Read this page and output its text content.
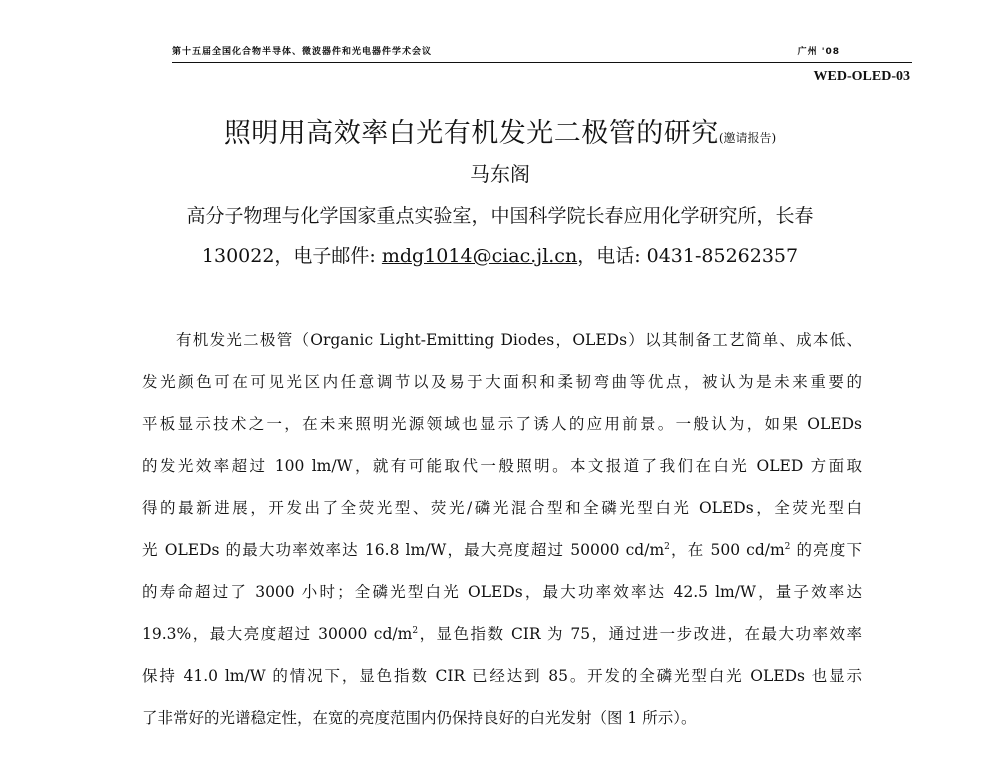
第十五届全国化合物半导体、微波器件和光电器件学术会议	广州 '08
WED-OLED-03
照明用高效率白光有机发光二极管的研究(邀请报告)
马东阁
高分子物理与化学国家重点实验室，中国科学院长春应用化学研究所，长春
130022，电子邮件: mdg1014@ciac.jl.cn，电话: 0431-85262357
有机发光二极管（Organic Light-Emitting Diodes，OLEDs）以其制备工艺简单、成本低、
发光颜色可在可见光区内任意调节以及易于大面积和柔韧弯曲等优点，被认为是未来重要的
平板显示技术之一，在未来照明光源领域也显示了诱人的应用前景。一般认为，如果 OLEDs
的发光效率超过 100 lm/W，就有可能取代一般照明。本文报道了我们在白光 OLED 方面取
得的最新进展，开发出了全荧光型、荧光/磷光混合型和全磷光型白光 OLEDs，全荧光型白
光 OLEDs 的最大功率效率达 16.8 lm/W，最大亮度超过 50000 $cd/m^2$，在 500 $cd/m^2$ 的亮度下
的寿命超过了 3000 小时；全磷光型白光 OLEDs，最大功率效率达 42.5 lm/W，量子效率达
19.3%，最大亮度超过 30000 $cd/m^2$，显色指数 CIR 为 75，通过进一步改进，在最大功率效率
保持 41.0 lm/W 的情况下，显色指数 CIR 已经达到 85。开发的全磷光型白光 OLEDs 也显示
了非常好的光谱稳定性，在宽的亮度范围内仍保持良好的白光发射（图 1 所示）。
